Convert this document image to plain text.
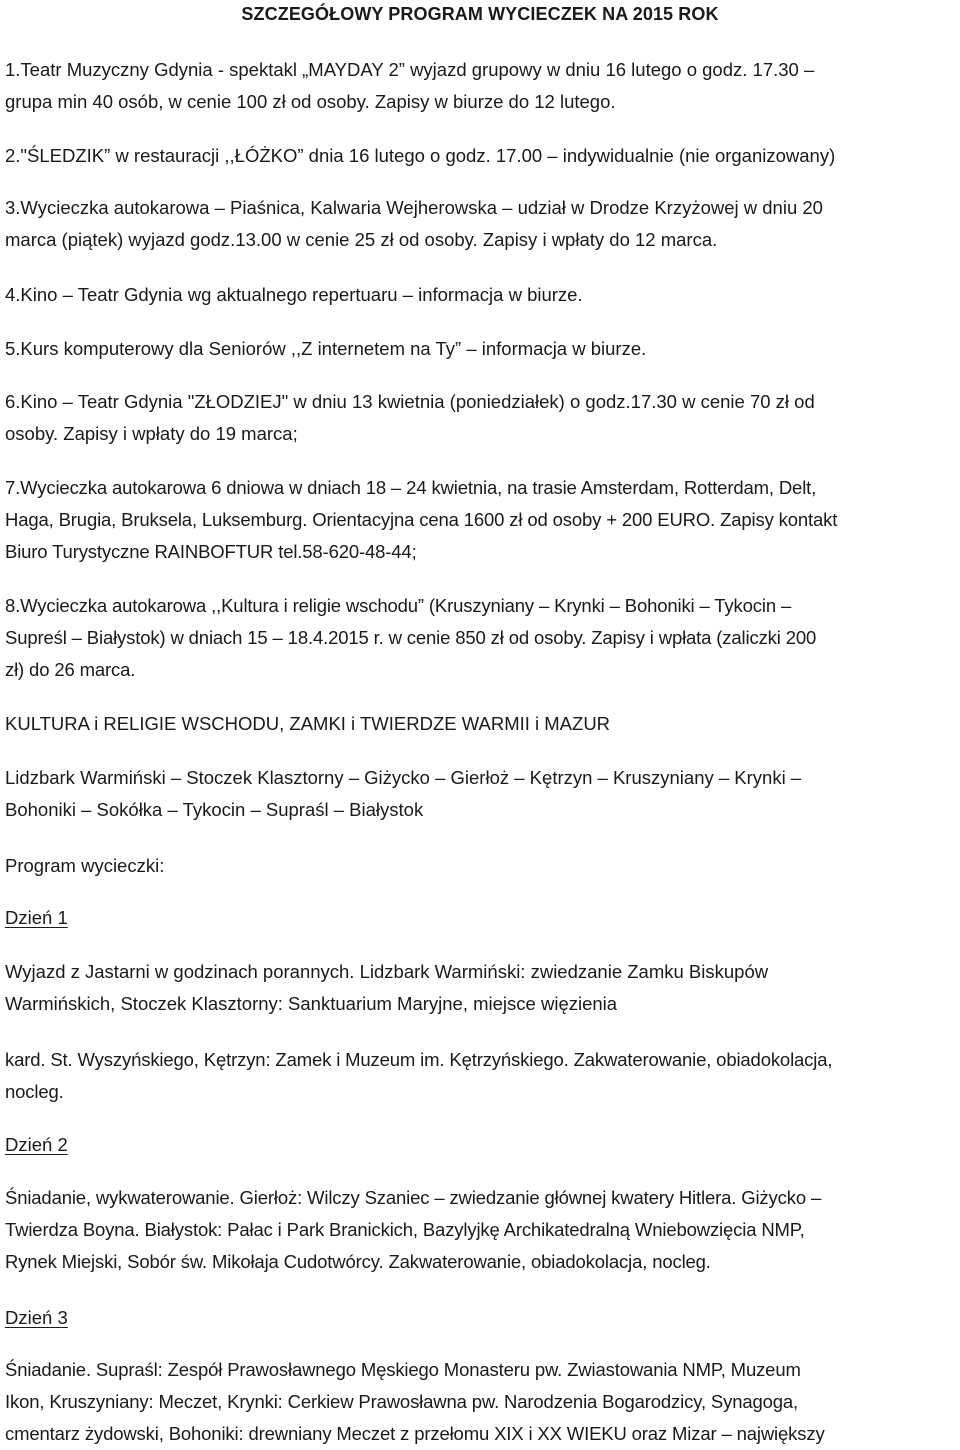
SZCZEGÓŁOWY PROGRAM WYCIECZEK NA 2015 ROK
1.Teatr Muzyczny Gdynia - spektakl „MAYDAY 2” wyjazd grupowy w dniu 16 lutego o godz. 17.30 –
grupa min 40 osób, w cenie 100 zł od osoby. Zapisy w biurze do 12 lutego.
2."ŚLEDZIK” w restauracji ,,ŁÓŻKO” dnia 16 lutego o godz. 17.00 – indywidualnie (nie organizowany)
3.Wycieczka autokarowa – Piaśnica, Kalwaria Wejherowska – udział w Drodze Krzyżowej w dniu 20
marca (piątek) wyjazd godz.13.00 w cenie 25 zł od osoby. Zapisy i wpłaty do 12 marca.
4.Kino – Teatr Gdynia wg aktualnego repertuaru – informacja w biurze.
5.Kurs komputerowy dla Seniorów ,,Z internetem na Ty” – informacja w biurze.
6.Kino – Teatr Gdynia "ZŁODZIEJ" w dniu 13 kwietnia (poniedziałek) o godz.17.30 w cenie 70 zł od
osoby. Zapisy i wpłaty do 19 marca;
7.Wycieczka autokarowa 6 dniowa w dniach 18 – 24 kwietnia, na trasie Amsterdam, Rotterdam, Delt,
Haga, Brugia, Bruksela, Luksemburg. Orientacyjna cena 1600 zł od osoby + 200 EURO. Zapisy kontakt
Biuro Turystyczne RAINBOFTUR tel.58-620-48-44;
8.Wycieczka autokarowa ,,Kultura i religie wschodu” (Kruszyniany – Krynki – Bohoniki – Tykocin –
Supreśl – Białystok) w dniach 15 – 18.4.2015 r. w cenie 850 zł od osoby. Zapisy i wpłata (zaliczki 200
zł) do 26 marca.
KULTURA i RELIGIE WSCHODU, ZAMKI i TWIERDZE WARMII i MAZUR
Lidzbark Warmiński – Stoczek Klasztorny – Giżycko – Gierłoż – Kętrzyn – Kruszyniany – Krynki –
Bohoniki – Sokółka – Tykocin – Supraśl – Białystok
Program wycieczki:
Dzień 1
Wyjazd z Jastarni w godzinach porannych. Lidzbark Warmiński: zwiedzanie Zamku Biskupów
Warmińskich, Stoczek Klasztorny: Sanktuarium Maryjne, miejsce więzienia
kard. St. Wyszyńskiego, Kętrzyn: Zamek i Muzeum im. Kętrzyńskiego. Zakwaterowanie, obiadokolacja,
nocleg.
Dzień 2
Śniadanie, wykwaterowanie. Gierłoż: Wilczy Szaniec – zwiedzanie głównej kwatery Hitlera. Giżycko –
Twierdza Boyna. Białystok: Pałac i Park Branickich, Bazylyjkę Archikatedralną Wniebowzięcia NMP,
Rynek Miejski, Sobór św. Mikołaja Cudotwórcy. Zakwaterowanie, obiadokolacja, nocleg.
Dzień 3
Śniadanie. Supraśl: Zespół Prawosławnego Męskiego Monasteru pw. Zwiastowania NMP, Muzeum
Ikon, Kruszyniany: Meczet, Krynki: Cerkiew Prawosławna pw. Narodzenia Bogarodzicy, Synagoga,
cmentarz żydowski, Bohoniki: drewniany Meczet z przełomu XIX i XX WIEKU oraz Mizar – największy
